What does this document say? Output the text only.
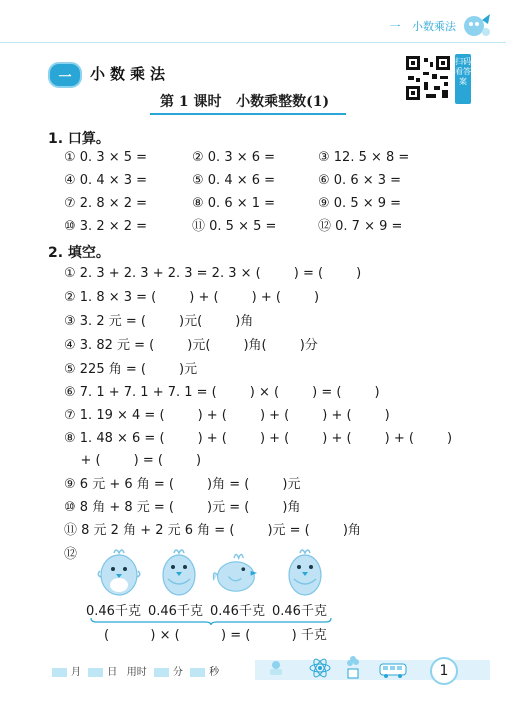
一 小数乘法
一	小数乘法
扫码看答案
第 1 课时   小数乘整数(1)
1. 口算。
① 0. 3 × 5 =	② 0. 3 × 6 =	③ 12. 5 × 8 =
④ 0. 4 × 3 =	⑤ 0. 4 × 6 =	⑥ 0. 6 × 3 =
⑦ 2. 8 × 2 =	⑧ 0. 6 × 1 =	⑨ 0. 5 × 9 =
⑩ 3. 2 × 2 =	⑪ 0. 5 × 5 =	⑫ 0. 7 × 9 =
2. 填空。
① 2. 3 + 2. 3 + 2. 3 = 2. 3 × (        ) = (        )
② 1. 8 × 3 = (        ) + (        ) + (        )
③ 3. 2 元 = (        )元(        )角
④ 3. 82 元 = (        )元(        )角(        )分
⑤ 225 角 = (        )元
⑥ 7. 1 + 7. 1 + 7. 1 = (        ) × (        ) = (        )
⑦ 1. 19 × 4 = (        ) + (        ) + (        ) + (        )
⑧ 1. 48 × 6 = (        ) + (        ) + (        ) + (        ) + (        )
+ (        ) = (        )
⑨ 6 元 + 6 角 = (        )角 = (        )元
⑩ 8 角 + 8 元 = (        )元 = (        )角
⑪ 8 元 2 角 + 2 元 6 角 = (        )元 = (        )角
⑫
0.46千克 0.46千克 0.46千克 0.46千克
(          ) × (          ) = (          ) 千克
月	日 用时	分	秒	1
